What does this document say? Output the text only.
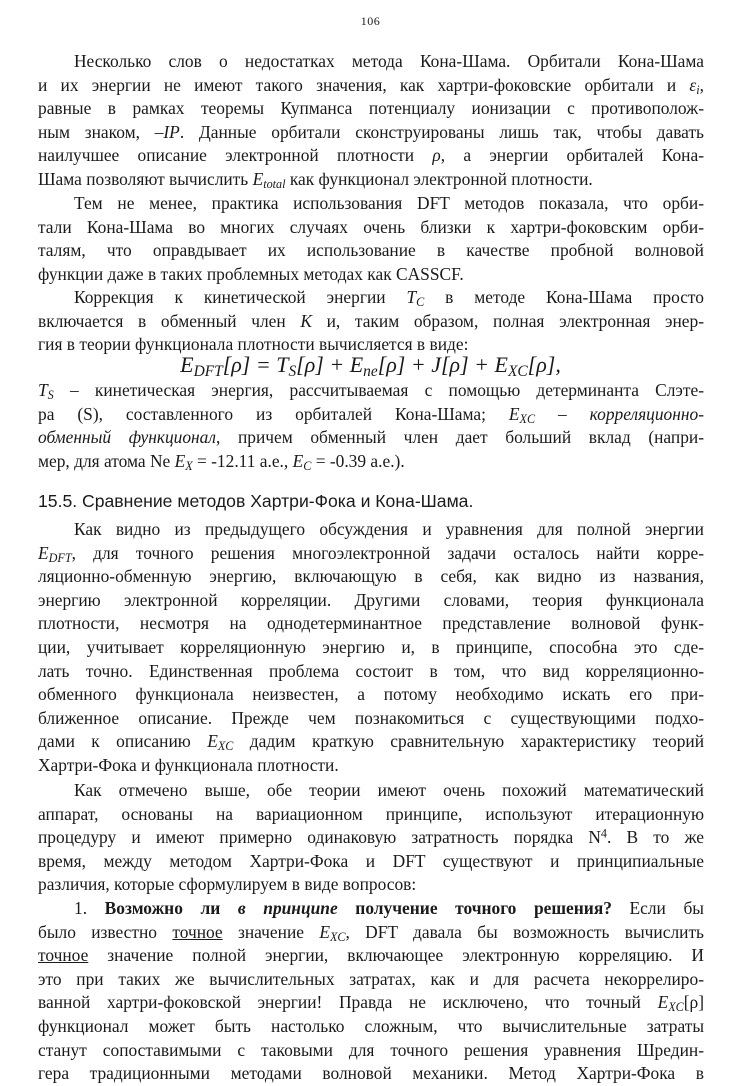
106
Несколько слов о недостатках метода Кона-Шама. Орбитали Кона-Шама
и их энергии не имеют такого значения, как хартри-фоковские орбитали и $\varepsilon_i$,
равные в рамках теоремы Купманса потенциалу ионизации с противополож-
ным знаком, –IP. Данные орбитали сконструированы лишь так, чтобы давать
наилучшее описание электронной плотности ρ, а энергии орбиталей Кона-
Шама позволяют вычислить $E_{total}$ как функционал электронной плотности.
Тем не менее, практика использования DFT методов показала, что орби-
тали Кона-Шама во многих случаях очень близки к хартри-фоковским орби-
талям, что оправдывает их использование в качестве пробной волновой
функции даже в таких проблемных методах как CASSCF.
Коррекция к кинетической энергии $T_C$ в методе Кона-Шама просто
включается в обменный член K и, таким образом, полная электронная энер-
гия в теории функционала плотности вычисляется в виде:
$E_{DFT}[\rho] = T_S[\rho] + E_{ne}[\rho] + J[\rho] + E_{XC}[\rho]$,
$T_S$ – кинетическая энергия, рассчитываемая с помощью детерминанта Слэте-
ра (S), составленного из орбиталей Кона-Шама; $E_{XC}$ – корреляционно-
обменный функционал, причем обменный член дает больший вклад (напри-
мер, для атома Ne $E_X = -12.11$ а.е., $E_C = -0.39$ а.е.).
15.5. Сравнение методов Хартри-Фока и Кона-Шама.
Как видно из предыдущего обсуждения и уравнения для полной энергии
$E_{DFT}$, для точного решения многоэлектронной задачи осталось найти корре-
ляционно-обменную энергию, включающую в себя, как видно из названия,
энергию электронной корреляции. Другими словами, теория функционала
плотности, несмотря на однодетерминантное представление волновой функ-
ции, учитывает корреляционную энергию и, в принципе, способна это сде-
лать точно. Единственная проблема состоит в том, что вид корреляционно-
обменного функционала неизвестен, а потому необходимо искать его при-
ближенное описание. Прежде чем познакомиться с существующими подхо-
дами к описанию $E_{XC}$ дадим краткую сравнительную характеристику теорий
Хартри-Фока и функционала плотности.
Как отмечено выше, обе теории имеют очень похожий математический
аппарат, основаны на вариационном принципе, используют итерационную
процедуру и имеют примерно одинаковую затратность порядка $N^4$. В то же
время, между методом Хартри-Фока и DFT существуют и принципиальные
различия, которые сформулируем в виде вопросов:
1. Возможно ли в принципе получение точного решения? Если бы
было известно точное значение $E_{XC}$, DFT давала бы возможность вычислить
точное значение полной энергии, включающее электронную корреляцию. И
это при таких же вычислительных затратах, как и для расчета некоррелиро-
ванной хартри-фоковской энергии! Правда не исключено, что точный $E_{XC}[\rho]$
функционал может быть настолько сложным, что вычислительные затраты
станут сопоставимыми с таковыми для точного решения уравнения Шредин-
гера традиционными методами волновой механики. Метод Хартри-Фока в
